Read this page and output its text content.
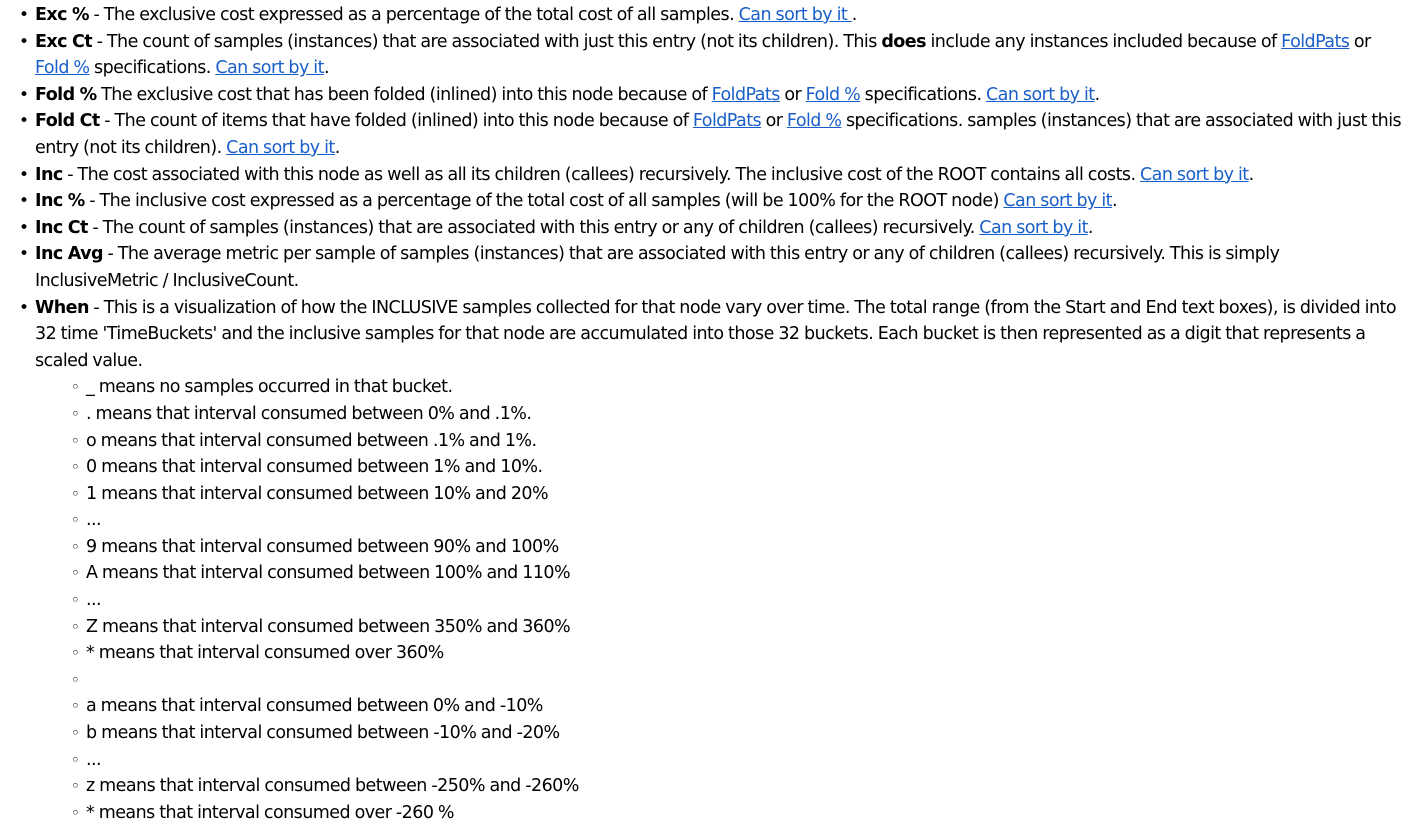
• Exc % - The exclusive cost expressed as a percentage of the total cost of all samples. Can sort by it .
• Exc Ct - The count of samples (instances) that are associated with just this entry (not its children). This does include any instances included because of FoldPats or Fold % specifications. Can sort by it.
• Fold % The exclusive cost that has been folded (inlined) into this node because of FoldPats or Fold % specifications. Can sort by it.
• Fold Ct - The count of items that have folded (inlined) into this node because of FoldPats or Fold % specifications. samples (instances) that are associated with just this entry (not its children). Can sort by it.
• Inc - The cost associated with this node as well as all its children (callees) recursively. The inclusive cost of the ROOT contains all costs. Can sort by it.
• Inc % - The inclusive cost expressed as a percentage of the total cost of all samples (will be 100% for the ROOT node) Can sort by it.
• Inc Ct - The count of samples (instances) that are associated with this entry or any of children (callees) recursively. Can sort by it.
• Inc Avg - The average metric per sample of samples (instances) that are associated with this entry or any of children (callees) recursively. This is simply InclusiveMetric / InclusiveCount.
• When - This is a visualization of how the INCLUSIVE samples collected for that node vary over time. The total range (from the Start and End text boxes), is divided into 32 time 'TimeBuckets' and the inclusive samples for that node are accumulated into those 32 buckets. Each bucket is then represented as a digit that represents a scaled value.
◦ _ means no samples occurred in that bucket.
◦ . means that interval consumed between 0% and .1%.
◦ o means that interval consumed between .1% and 1%.
◦ 0 means that interval consumed between 1% and 10%.
◦ 1 means that interval consumed between 10% and 20%
◦ ...
◦ 9 means that interval consumed between 90% and 100%
◦ A means that interval consumed between 100% and 110%
◦ ...
◦ Z means that interval consumed between 350% and 360%
◦ * means that interval consumed over 360%
◦
◦ a means that interval consumed between 0% and -10%
◦ b means that interval consumed between -10% and -20%
◦ ...
◦ z means that interval consumed between -250% and -260%
◦ * means that interval consumed over -260 %
